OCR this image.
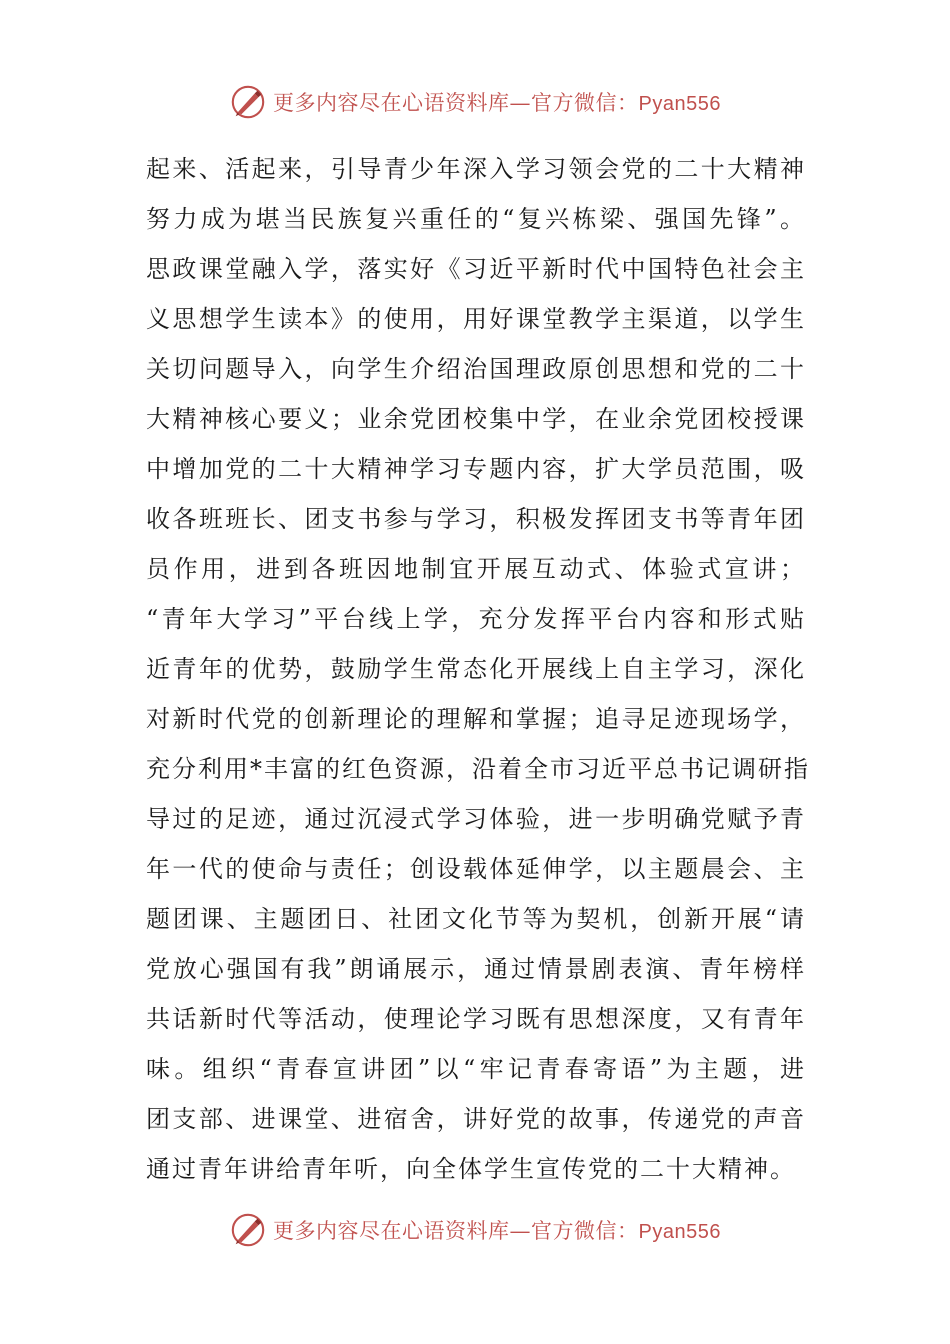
更多内容尽在心语资料库—官方微信：Pyan556
起来、活起来，引导青少年深入学习领会党的二十大精神
努力成为堪当民族复兴重任的“复兴栋梁、强国先锋”。
思政课堂融入学，落实好《习近平新时代中国特色社会主
义思想学生读本》的使用，用好课堂教学主渠道，以学生
关切问题导入，向学生介绍治国理政原创思想和党的二十
大精神核心要义；业余党团校集中学，在业余党团校授课
中增加党的二十大精神学习专题内容，扩大学员范围，吸
收各班班长、团支书参与学习，积极发挥团支书等青年团
员作用，进到各班因地制宜开展互动式、体验式宣讲；
“青年大学习”平台线上学，充分发挥平台内容和形式贴
近青年的优势，鼓励学生常态化开展线上自主学习，深化
对新时代党的创新理论的理解和掌握；追寻足迹现场学，
充分利用*丰富的红色资源，沿着全市习近平总书记调研指
导过的足迹，通过沉浸式学习体验，进一步明确党赋予青
年一代的使命与责任；创设载体延伸学，以主题晨会、主
题团课、主题团日、社团文化节等为契机，创新开展“请
党放心强国有我”朗诵展示，通过情景剧表演、青年榜样
共话新时代等活动，使理论学习既有思想深度，又有青年
味。组织“青春宣讲团”以“牢记青春寄语”为主题，进
团支部、进课堂、进宿舍，讲好党的故事，传递党的声音
通过青年讲给青年听，向全体学生宣传党的二十大精神。
更多内容尽在心语资料库—官方微信：Pyan556
